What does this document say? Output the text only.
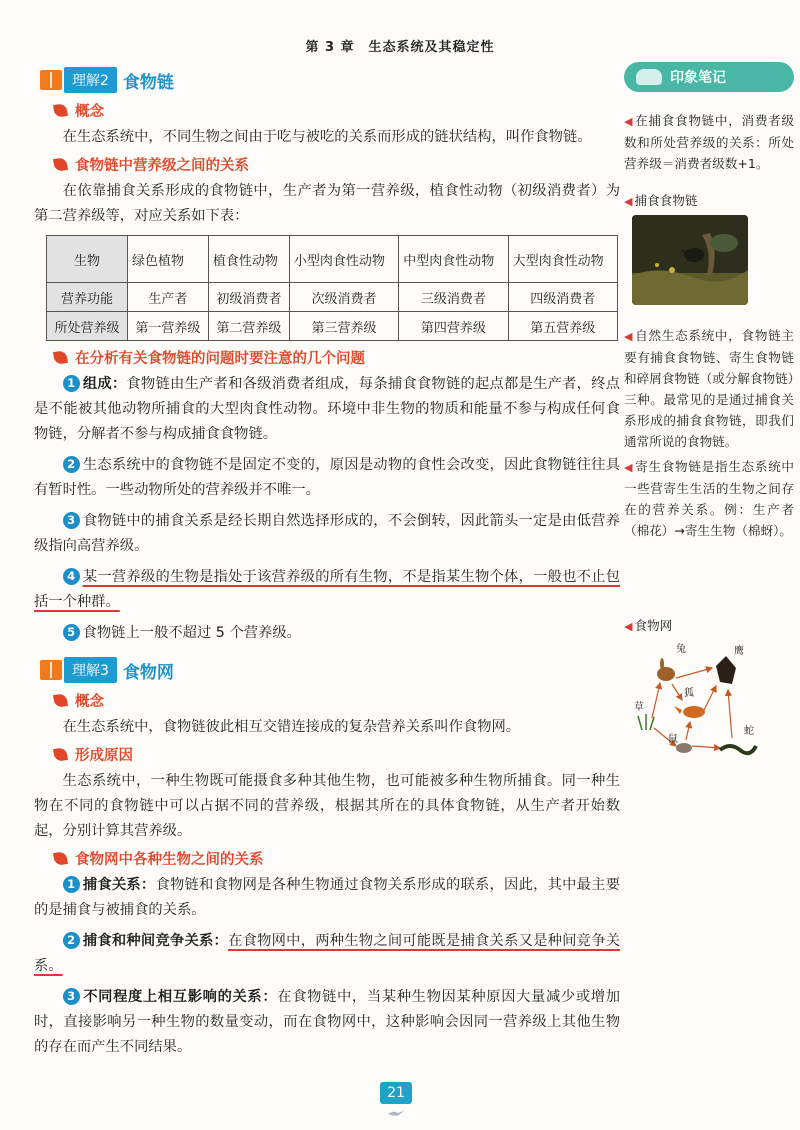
第 3 章　生态系统及其稳定性
理解2 食物链
概念

在生态系统中，不同生物之间由于吃与被吃的关系而形成的链状结构，叫作食物链。

食物链中营养级之间的关系

在依靠捕食关系形成的食物链中，生产者为第一营养级，植食性动物（初级消费者）为第二营养级等，对应关系如下表：

生物	绿色植物	植食性动物	小型肉食性动物	中型肉食性动物	大型肉食性动物
营养功能	生产者	初级消费者	次级消费者	三级消费者	四级消费者
所处营养级	第一营养级	第二营养级	第三营养级	第四营养级	第五营养级
在分析有关食物链的问题时要注意的几个问题

1 组成：食物链由生产者和各级消费者组成，每条捕食食物链的起点都是生产者，终点是不能被其他动物所捕食的大型肉食性动物。环境中非生物的物质和能量不参与构成任何食物链，分解者不参与构成捕食食物链。

2 生态系统中的食物链不是固定不变的，原因是动物的食性会改变，因此食物链往往具有暂时性。一些动物所处的营养级并不唯一。

3 食物链中的捕食关系是经长期自然选择形成的，不会倒转，因此箭头一定是由低营养级指向高营养级。

4 某一营养级的生物是指处于该营养级的所有生物，不是指某生物个体，一般也不止包括一个种群。

5 食物链上一般不超过 5 个营养级。

理解3 食物网
概念

在生态系统中，食物链彼此相互交错连接成的复杂营养关系叫作食物网。

形成原因

生态系统中，一种生物既可能摄食多种其他生物，也可能被多种生物所捕食。同一种生物在不同的食物链中可以占据不同的营养级，根据其所在的具体食物链，从生产者开始数起，分别计算其营养级。

食物网中各种生物之间的关系

1 捕食关系：食物链和食物网是各种生物通过食物关系形成的联系，因此，其中最主要的是捕食与被捕食的关系。

2 捕食和种间竞争关系：在食物网中，两种生物之间可能既是捕食关系又是种间竞争关系。

3 不同程度上相互影响的关系：在食物链中，当某种生物因某种原因大量减少或增加时，直接影响另一种生物的数量变动，而在食物网中，这种影响会因同一营养级上其他生物的存在而产生不同结果。

印象笔记
◀ 在捕食食物链中，消费者级数和所处营养级的关系：所处营养级＝消费者级数+1。
◀ 捕食食物链
◀ 自然生态系统中，食物链主要有捕食食物链、寄生食物链和碎屑食物链（或分解食物链）三种。最常见的是通过捕食关系形成的捕食食物链，即我们通常所说的食物链。
◀ 寄生食物链是指生态系统中一些营寄生生活的生物之间存在的营养关系。例：生产者（棉花）→寄生生物（棉蚜）。
◀ 食物网
兔	鹰
狐
草
鼠
蛇
21
